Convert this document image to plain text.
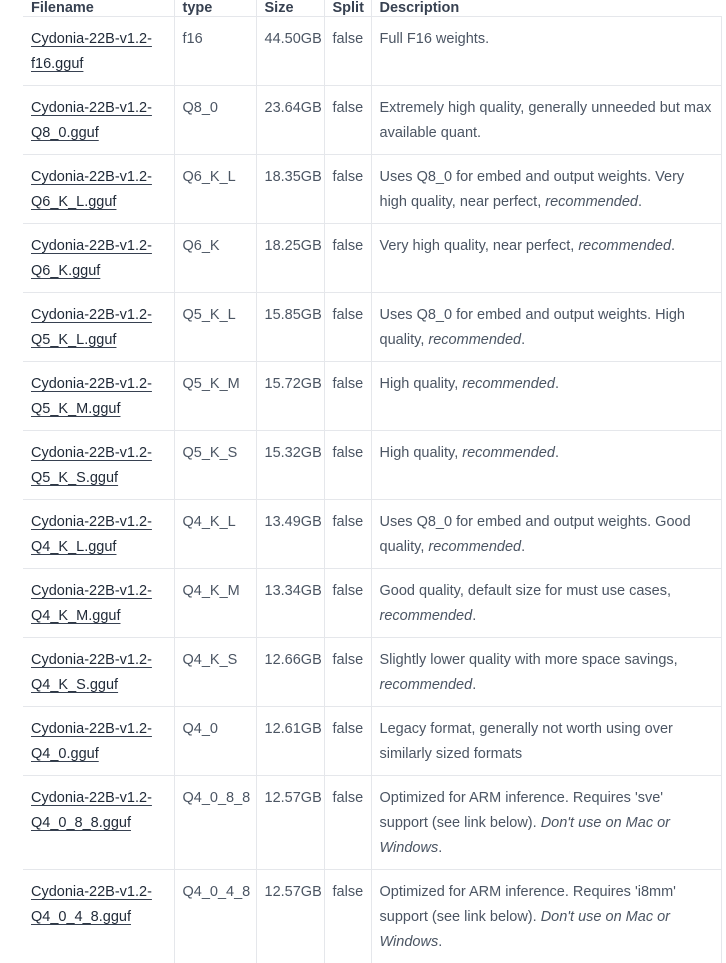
Filename	type	Size	Split	Description
Cydonia-22B-v1.2-
f16.gguf	f16	44.50GB	false	Full F16 weights.
Cydonia-22B-v1.2-
Q8_0.gguf	Q8_0	23.64GB	false	Extremely high quality, generally unneeded but max available quant.
Cydonia-22B-v1.2-
Q6_K_L.gguf	Q6_K_L	18.35GB	false	Uses Q8_0 for embed and output weights. Very high quality, near perfect, recommended.
Cydonia-22B-v1.2-
Q6_K.gguf	Q6_K	18.25GB	false	Very high quality, near perfect, recommended.
Cydonia-22B-v1.2-
Q5_K_L.gguf	Q5_K_L	15.85GB	false	Uses Q8_0 for embed and output weights. High quality, recommended.
Cydonia-22B-v1.2-
Q5_K_M.gguf	Q5_K_M	15.72GB	false	High quality, recommended.
Cydonia-22B-v1.2-
Q5_K_S.gguf	Q5_K_S	15.32GB	false	High quality, recommended.
Cydonia-22B-v1.2-
Q4_K_L.gguf	Q4_K_L	13.49GB	false	Uses Q8_0 for embed and output weights. Good quality, recommended.
Cydonia-22B-v1.2-
Q4_K_M.gguf	Q4_K_M	13.34GB	false	Good quality, default size for must use cases, recommended.
Cydonia-22B-v1.2-
Q4_K_S.gguf	Q4_K_S	12.66GB	false	Slightly lower quality with more space savings, recommended.
Cydonia-22B-v1.2-
Q4_0.gguf	Q4_0	12.61GB	false	Legacy format, generally not worth using over similarly sized formats
Cydonia-22B-v1.2-
Q4_0_8_8.gguf	Q4_0_8_8	12.57GB	false	Optimized for ARM inference. Requires 'sve' support (see link below). Don't use on Mac or Windows.
Cydonia-22B-v1.2-
Q4_0_4_8.gguf	Q4_0_4_8	12.57GB	false	Optimized for ARM inference. Requires 'i8mm' support (see link below). Don't use on Mac or Windows.
